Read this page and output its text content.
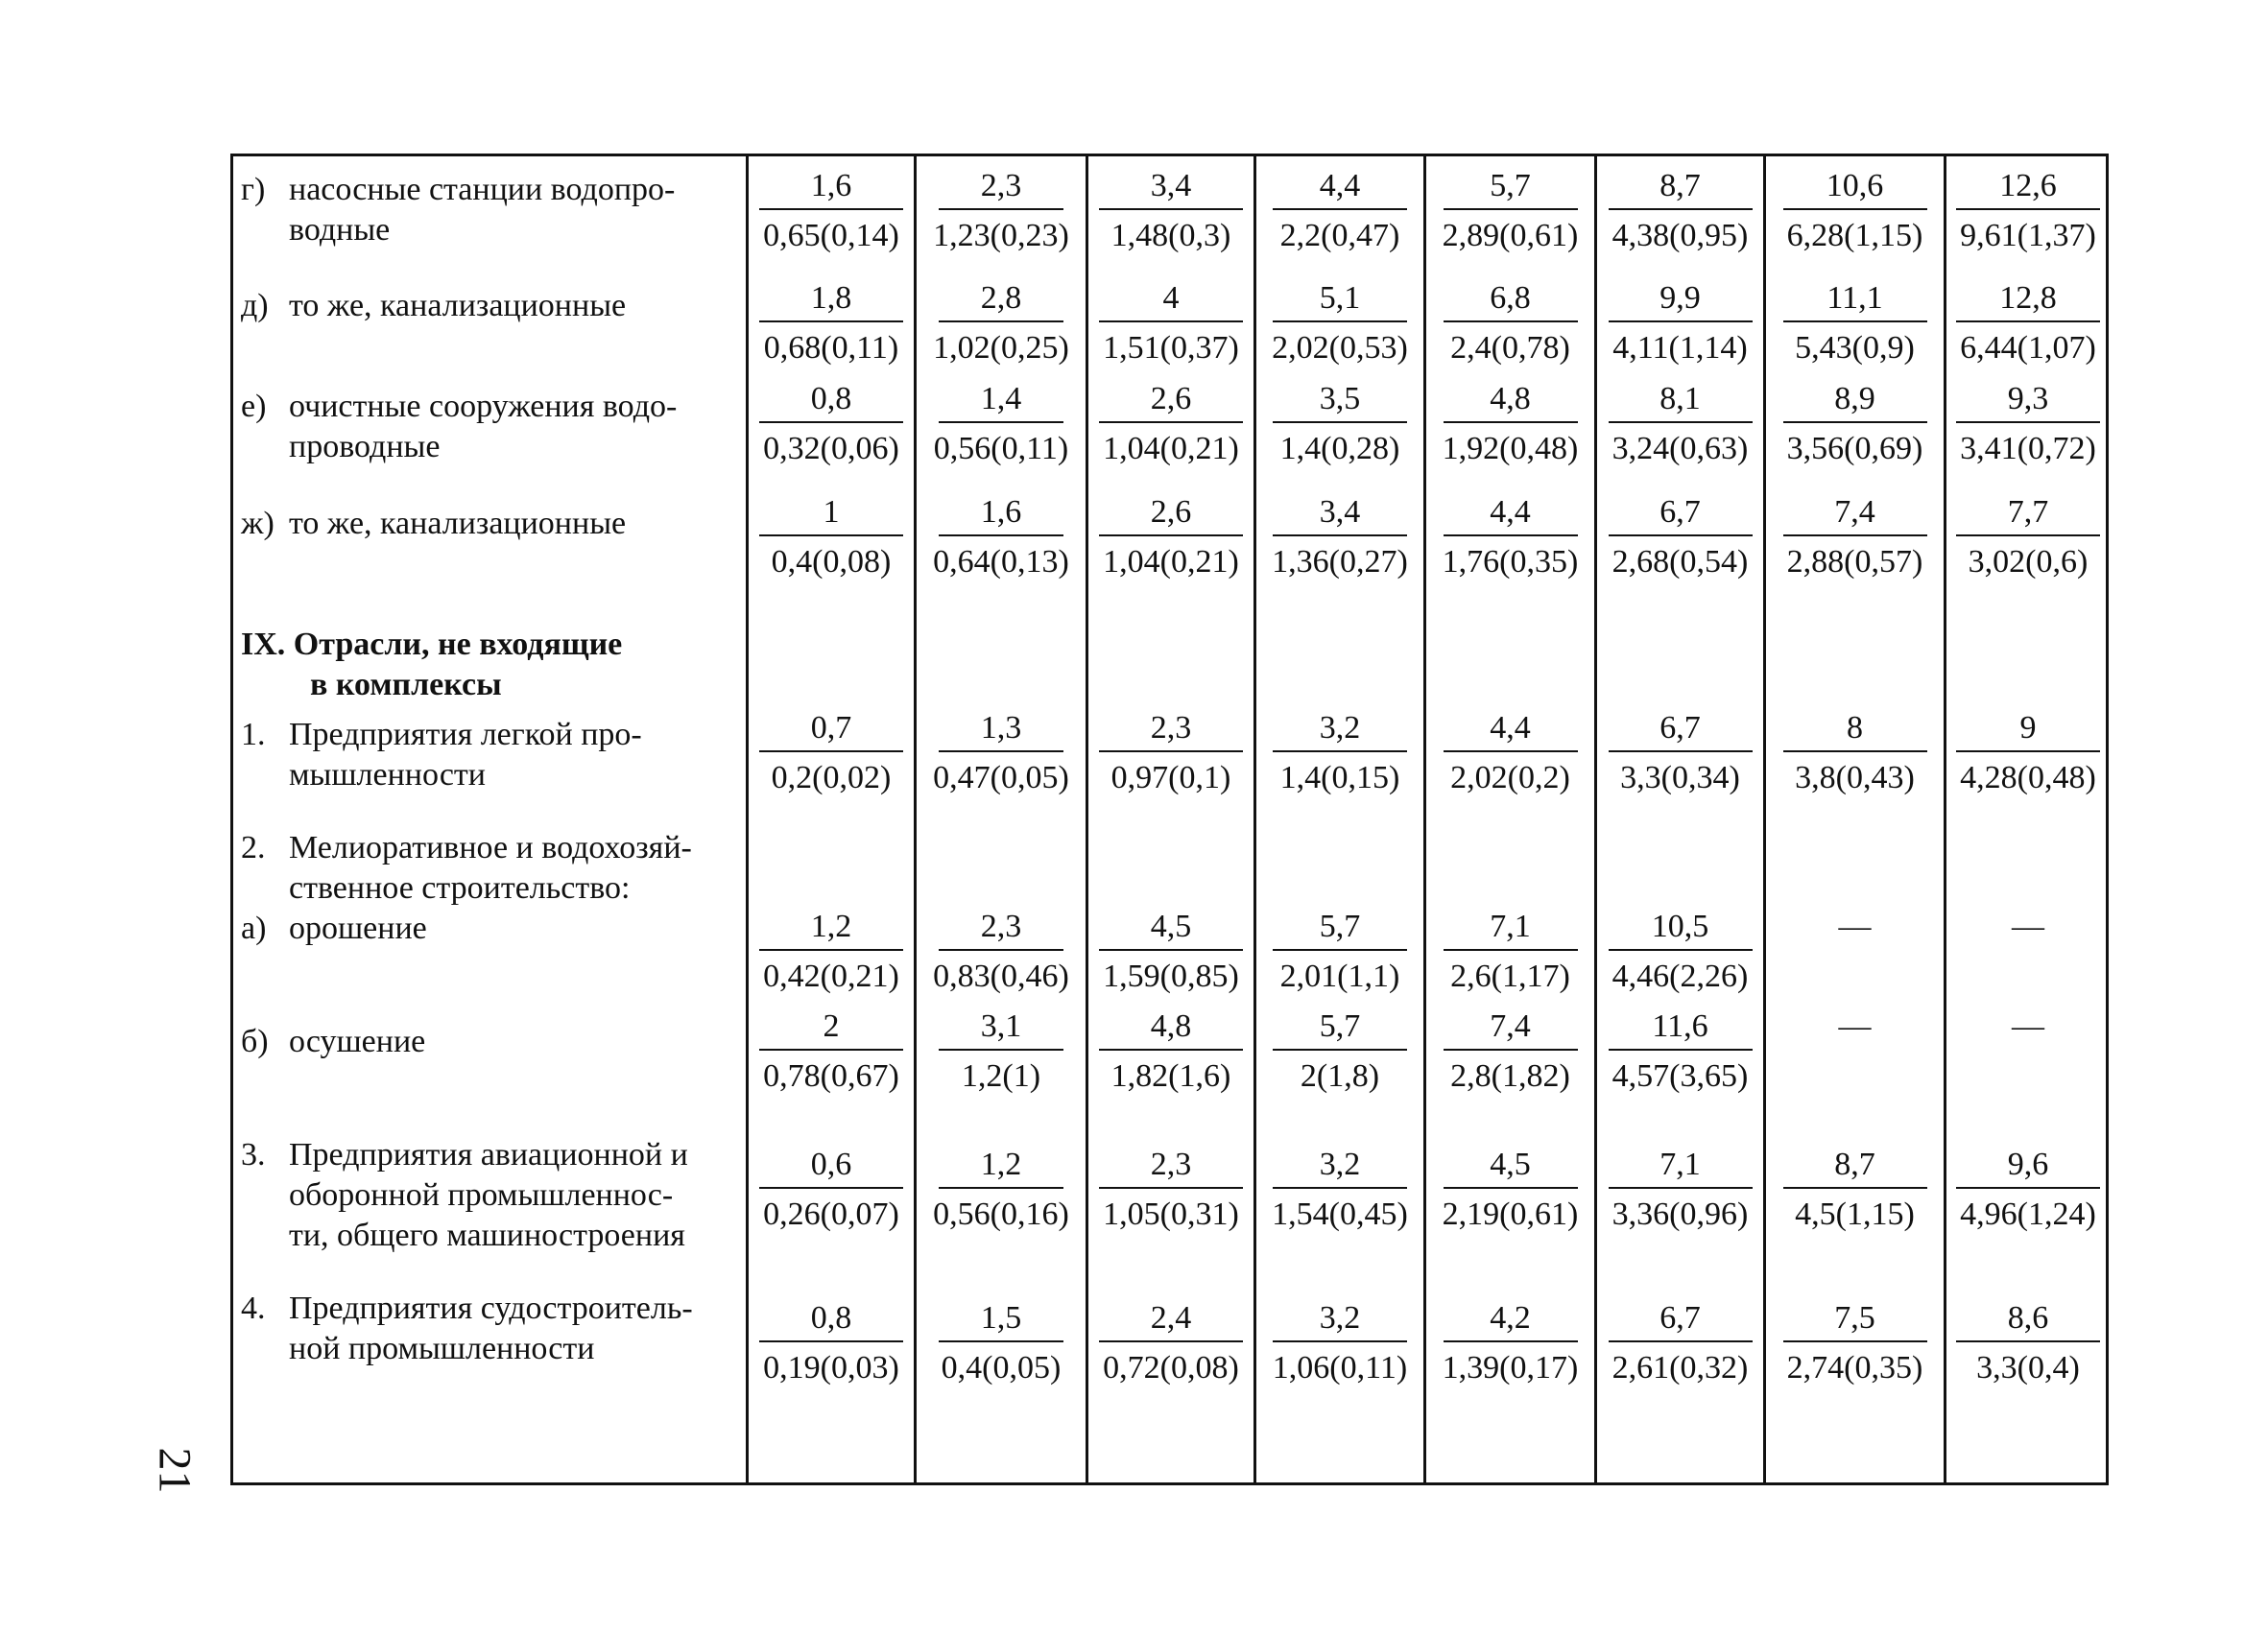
г) насосные станции водопро-
водные
д) то же, канализационные
е) очистные сооружения водо-
проводные
ж) то же, канализационные
IX. Отрасли, не входящие
в комплексы
1. Предприятия легкой про-
мышленности
2. Мелиоративное и водохозяй-
ственное строительство:
а) орошение
б) осушение
3. Предприятия авиационной и
оборонной промышленнос-
ти, общего машиностроения
4. Предприятия судостроитель-
ной промышленности
1,6
0,65(0,14)
2,3
1,23(0,23)
3,4
1,48(0,3)
4,4
2,2(0,47)
5,7
2,89(0,61)
8,7
4,38(0,95)
10,6
6,28(1,15)
12,6
9,61(1,37)
1,8
0,68(0,11)
2,8
1,02(0,25)
4
1,51(0,37)
5,1
2,02(0,53)
6,8
2,4(0,78)
9,9
4,11(1,14)
11,1
5,43(0,9)
12,8
6,44(1,07)
0,8
0,32(0,06)
1,4
0,56(0,11)
2,6
1,04(0,21)
3,5
1,4(0,28)
4,8
1,92(0,48)
8,1
3,24(0,63)
8,9
3,56(0,69)
9,3
3,41(0,72)
1
0,4(0,08)
1,6
0,64(0,13)
2,6
1,04(0,21)
3,4
1,36(0,27)
4,4
1,76(0,35)
6,7
2,68(0,54)
7,4
2,88(0,57)
7,7
3,02(0,6)
0,7
0,2(0,02)
1,3
0,47(0,05)
2,3
0,97(0,1)
3,2
1,4(0,15)
4,4
2,02(0,2)
6,7
3,3(0,34)
8
3,8(0,43)
9
4,28(0,48)
1,2
0,42(0,21)
2,3
0,83(0,46)
4,5
1,59(0,85)
5,7
2,01(1,1)
7,1
2,6(1,17)
10,5
4,46(2,26)
—	—
2
0,78(0,67)
3,1
1,2(1)
4,8
1,82(1,6)
5,7
2(1,8)
7,4
2,8(1,82)
11,6
4,57(3,65)
—	—
0,6
0,26(0,07)
1,2
0,56(0,16)
2,3
1,05(0,31)
3,2
1,54(0,45)
4,5
2,19(0,61)
7,1
3,36(0,96)
8,7
4,5(1,15)
9,6
4,96(1,24)
0,8
0,19(0,03)
1,5
0,4(0,05)
2,4
0,72(0,08)
3,2
1,06(0,11)
4,2
1,39(0,17)
6,7
2,61(0,32)
7,5
2,74(0,35)
8,6
3,3(0,4)
21
